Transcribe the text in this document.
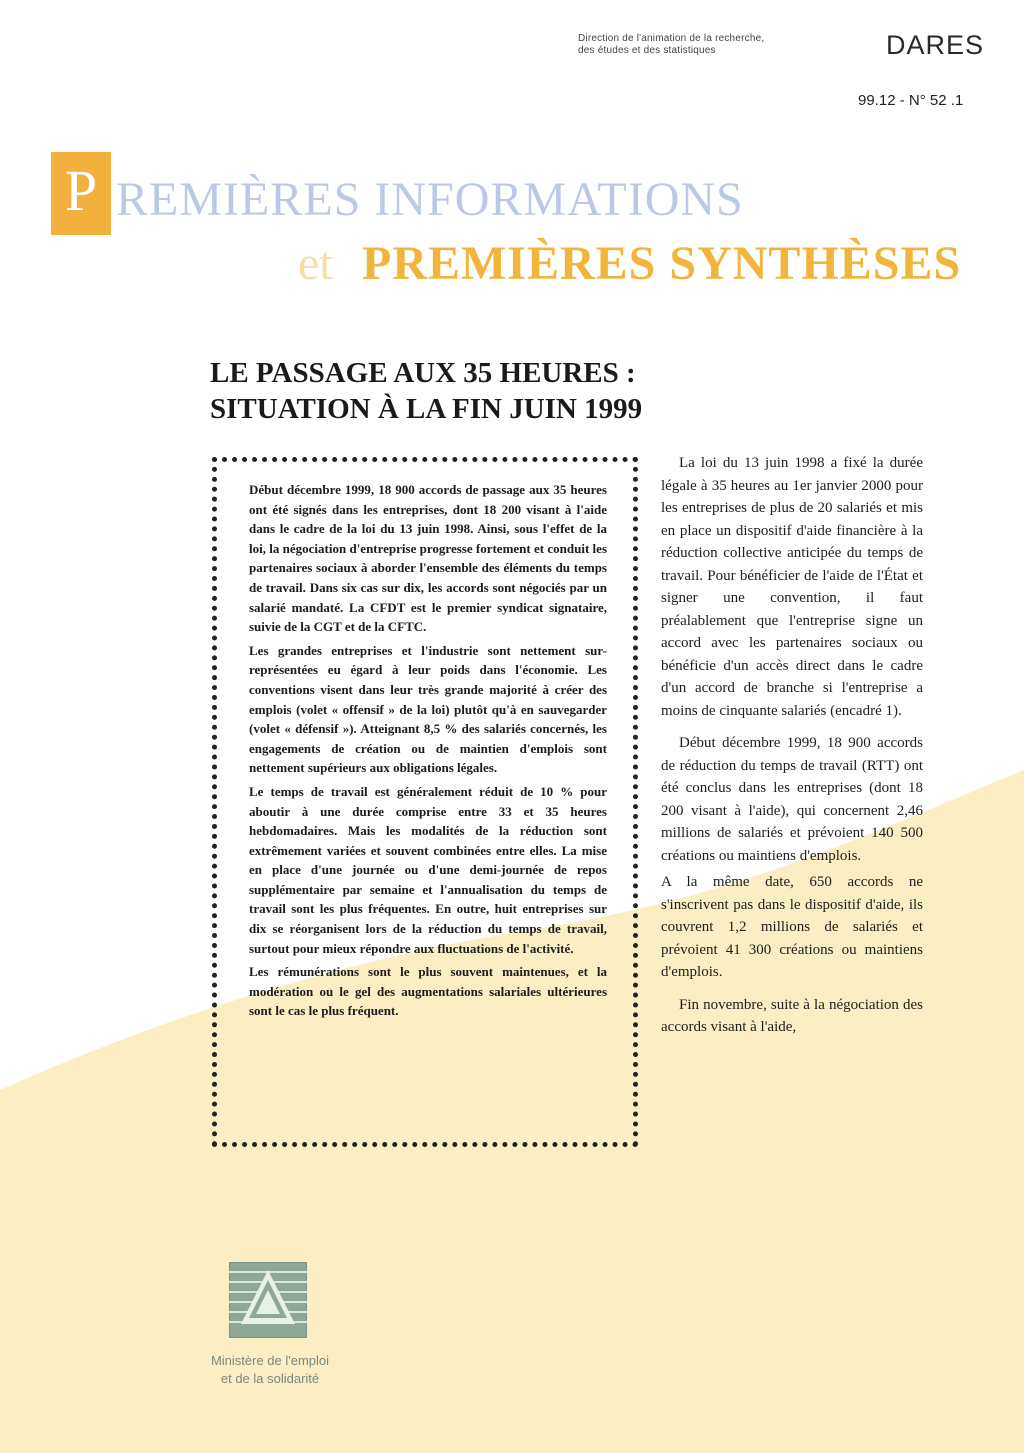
Direction de l'animation de la recherche,
des études et des statistiques	DARES
99.12 - N° 52 .1
P REMIÈRES INFORMATIONS
et PREMIÈRES SYNTHÈSES
LE PASSAGE AUX 35 HEURES :
SITUATION À LA FIN JUIN 1999

Début décembre 1999, 18 900 accords de passage aux 35 heures ont été signés dans les entreprises, dont 18 200 visant à l'aide dans le cadre de la loi du 13 juin 1998. Ainsi, sous l'effet de la loi, la négociation d'entreprise progresse fortement et conduit les partenaires sociaux à aborder l'ensemble des éléments du temps de travail. Dans six cas sur dix, les accords sont négociés par un salarié mandaté. La CFDT est le premier syndicat signataire, suivie de la CGT et de la CFTC.

Les grandes entreprises et l'industrie sont nettement sur-représentées eu égard à leur poids dans l'économie. Les conventions visent dans leur très grande majorité à créer des emplois (volet « offensif » de la loi) plutôt qu'à en sauvegarder (volet « défensif »). Atteignant 8,5 % des salariés concernés, les engagements de création ou de maintien d'emplois sont nettement supérieurs aux obligations légales.

Le temps de travail est généralement réduit de 10 % pour aboutir à une durée comprise entre 33 et 35 heures hebdomadaires. Mais les modalités de la réduction sont extrêmement variées et souvent combinées entre elles. La mise en place d'une journée ou d'une demi-journée de repos supplémentaire par semaine et l'annualisation du temps de travail sont les plus fréquentes. En outre, huit entreprises sur dix se réorganisent lors de la réduction du temps de travail, surtout pour mieux répondre aux fluctuations de l'activité.

Les rémunérations sont le plus souvent maintenues, et la modération ou le gel des augmentations salariales ultérieures sont le cas le plus fréquent.

La loi du 13 juin 1998 a fixé la durée légale à 35 heures au 1er janvier 2000 pour les entreprises de plus de 20 salariés et mis en place un dispositif d'aide financière à la réduction collective anticipée du temps de travail. Pour bénéficier de l'aide de l'État et signer une convention, il faut préalablement que l'entreprise signe un accord avec les partenaires sociaux ou bénéficie d'un accès direct dans le cadre d'un accord de branche si l'entreprise a moins de cinquante salariés (encadré 1).

Début décembre 1999, 18 900 accords de réduction du temps de travail (RTT) ont été conclus dans les entreprises (dont 18 200 visant à l'aide), qui concernent 2,46 millions de salariés et prévoient 140 500 créations ou maintiens d'emplois.

A la même date, 650 accords ne s'inscrivent pas dans le dispositif d'aide, ils couvrent 1,2 millions de salariés et prévoient 41 300 créations ou maintiens d'emplois.

Fin novembre, suite à la négociation des accords visant à l'aide,

Ministère de l'emploi
et de la solidarité
